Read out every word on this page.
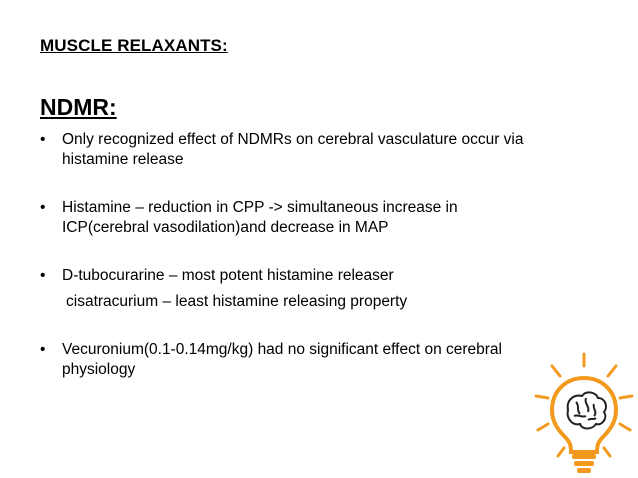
MUSCLE RELAXANTS:
NDMR:
• Only recognized effect of NDMRs on cerebral vasculature occur via
histamine release
• Histamine – reduction in CPP -> simultaneous increase in
ICP(cerebral vasodilation)and decrease in MAP
• D-tubocurarine – most potent histamine releaser
cisatracurium – least histamine releasing property
• Vecuronium(0.1-0.14mg/kg) had no significant effect on cerebral
physiology
